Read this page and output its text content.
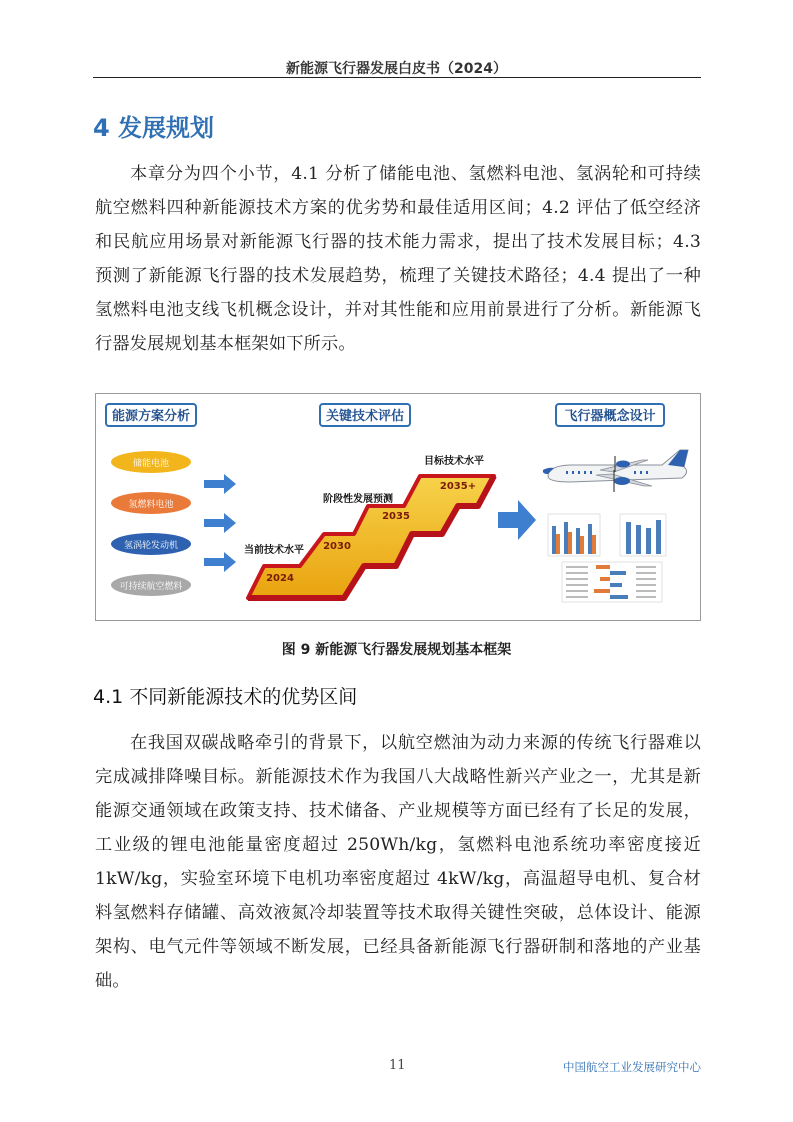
新能源飞行器发展白皮书（2024）
4 发展规划

本章分为四个小节，4.1 分析了储能电池、氢燃料电池、氢涡轮和可持续航空燃料四种新能源技术方案的优劣势和最佳适用区间；4.2 评估了低空经济和民航应用场景对新能源飞行器的技术能力需求，提出了技术发展目标；4.3 预测了新能源飞行器的技术发展趋势，梳理了关键技术路径；4.4 提出了一种氢燃料电池支线飞机概念设计，并对其性能和应用前景进行了分析。新能源飞行器发展规划基本框架如下所示。

能源方案分析	关键技术评估	飞行器概念设计
储能电池
氢燃料电池
氢涡轮发动机
可持续航空燃料
2024
2030
2035
2035+
当前技术水平
阶段性发展预测
目标技术水平
图 9 新能源飞行器发展规划基本框架
4.1 不同新能源技术的优势区间

在我国双碳战略牵引的背景下，以航空燃油为动力来源的传统飞行器难以完成减排降噪目标。新能源技术作为我国八大战略性新兴产业之一，尤其是新能源交通领域在政策支持、技术储备、产业规模等方面已经有了长足的发展，工业级的锂电池能量密度超过 250Wh/kg，氢燃料电池系统功率密度接近 1kW/kg，实验室环境下电机功率密度超过 4kW/kg，高温超导电机、复合材料氢燃料存储罐、高效液氮冷却装置等技术取得关键性突破，总体设计、能源架构、电气元件等领域不断发展，已经具备新能源飞行器研制和落地的产业基础。

11	中国航空工业发展研究中心
